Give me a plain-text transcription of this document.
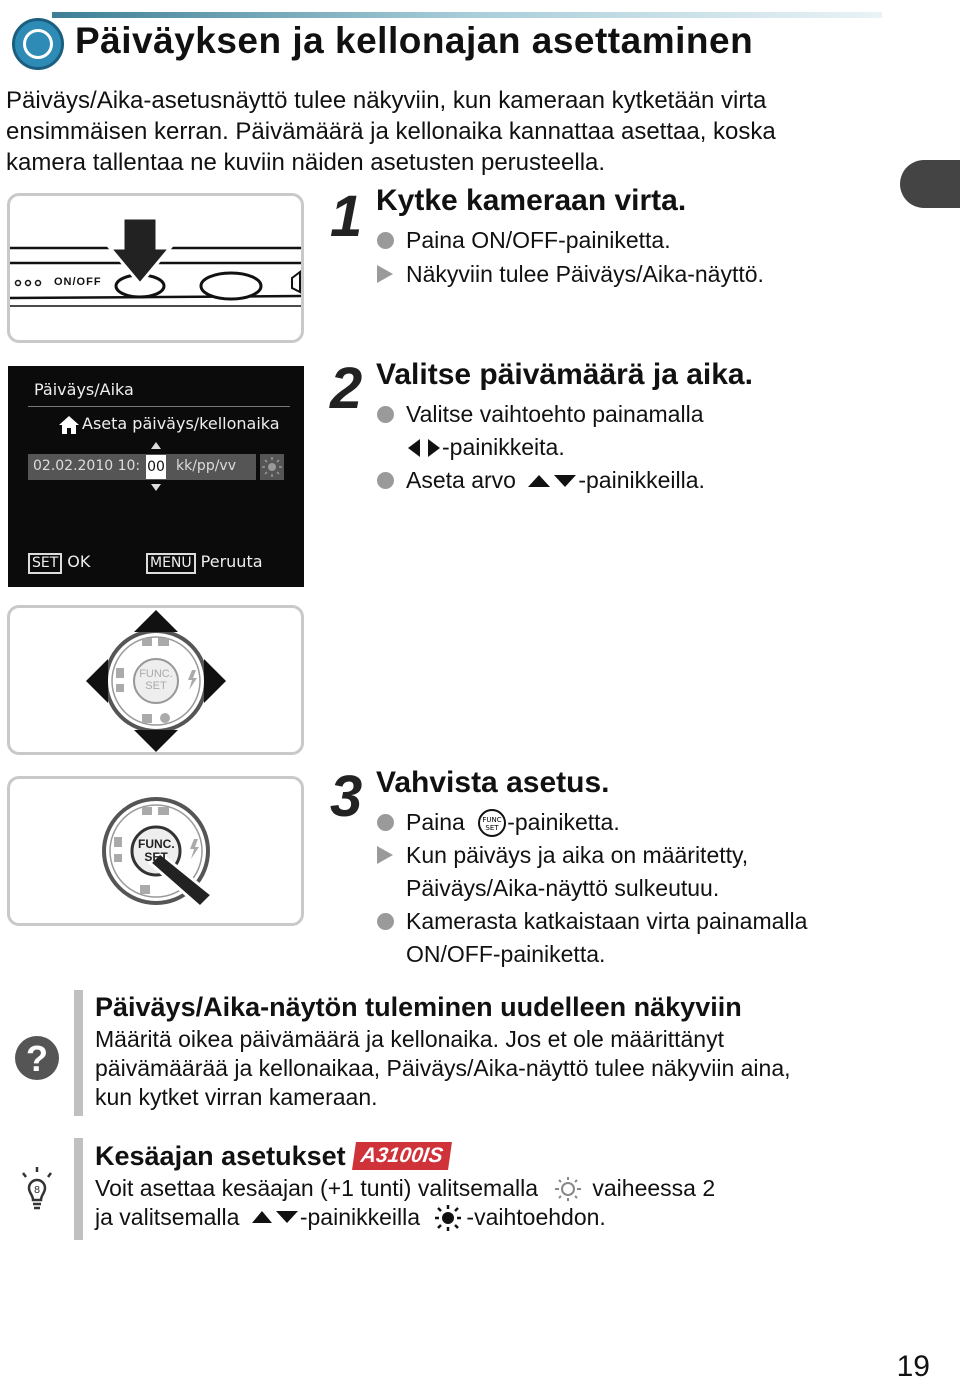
Päiväyksen ja kellonajan asettaminen
Päiväys/Aika-asetusnäyttö tulee näkyviin, kun kameraan kytketään virta
ensimmäisen kerran. Päivämäärä ja kellonaika kannattaa asettaa, koska
kamera tallentaa ne kuviin näiden asetusten perusteella.
ON/OFF
1 Kytke kameraan virta.
Paina ON/OFF-painiketta.
Näkyviin tulee Päiväys/Aika-näyttö.
Päiväys/Aika
Aseta päiväys/kellonaika
02.02.2010 10: 00 kk/pp/vv
SET OK	MENU Peruuta
2 Valitse päivämäärä ja aika.
Valitse vaihtoehto painamalla
-painikkeita.
Aseta arvo	-painikkeilla.
FUNC.
SET
FUNC.
SET
3 Vahvista asetus.
Paina	FUNC
SET -painiketta.
Kun päiväys ja aika on määritetty,
Päiväys/Aika-näyttö sulkeutuu.
Kamerasta katkaistaan virta painamalla
ON/OFF-painiketta.
?
Päiväys/Aika-näytön tuleminen uudelleen näkyviin
Määritä oikea päivämäärä ja kellonaika. Jos et ole määrittänyt
päivämäärää ja kellonaikaa, Päiväys/Aika-näyttö tulee näkyviin aina,
kun kytket virran kameraan.
8
Kesäajan asetukset A3100IS
Voit asettaa kesäajan (+1 tunti) valitsemalla vaiheessa 2
ja valitsemalla	-painikkeilla -vaihtoehdon.
19
